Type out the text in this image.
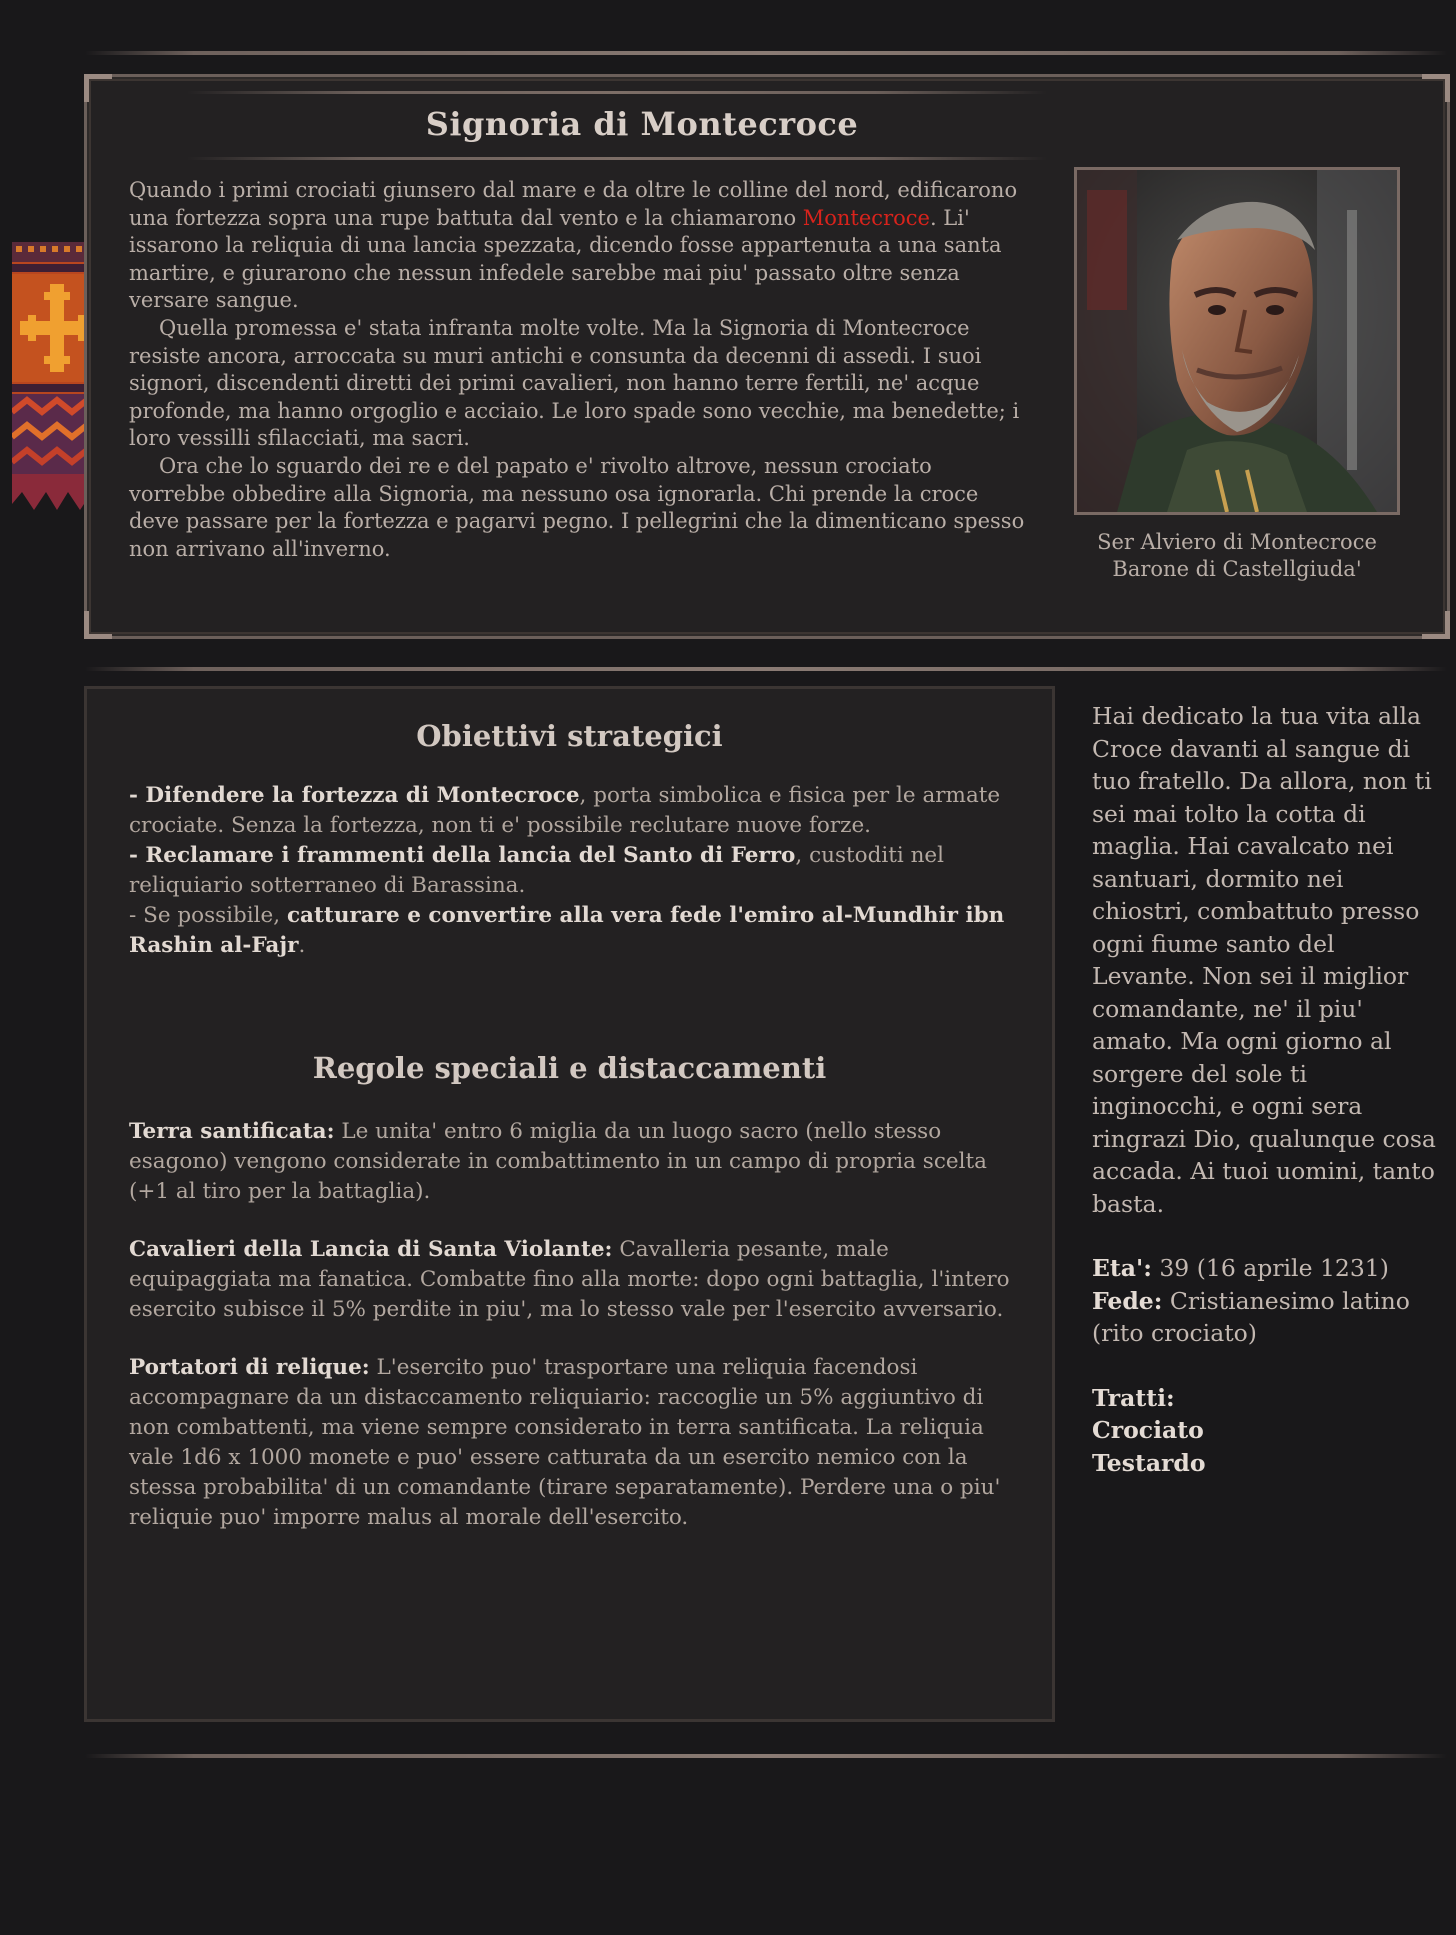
Signoria di Montecroce

Quando i primi crociati giunsero dal mare e da oltre le colline del nord, edificarono una fortezza sopra una rupe battuta dal vento e la chiamarono Montecroce. Li' issarono la reliquia di una lancia spezzata, dicendo fosse appartenuta a una santa martire, e giurarono che nessun infedele sarebbe mai piu' passato oltre senza versare sangue.

Quella promessa e' stata infranta molte volte. Ma la Signoria di Montecroce resiste ancora, arroccata su muri antichi e consunta da decenni di assedi. I suoi signori, discendenti diretti dei primi cavalieri, non hanno terre fertili, ne' acque profonde, ma hanno orgoglio e acciaio. Le loro spade sono vecchie, ma benedette; i loro vessilli sfilacciati, ma sacri.

Ora che lo sguardo dei re e del papato e' rivolto altrove, nessun crociato vorrebbe obbedire alla Signoria, ma nessuno osa ignorarla. Chi prende la croce deve passare per la fortezza e pagarvi pegno. I pellegrini che la dimenticano spesso non arrivano all'inverno.	Ser Alviero di Montecroce
Barone di Castellgiuda'
Obiettivi strategici

- Difendere la fortezza di Montecroce, porta simbolica e fisica per le armate crociate. Senza la fortezza, non ti e' possibile reclutare nuove forze.

- Reclamare i frammenti della lancia del Santo di Ferro, custoditi nel reliquiario sotterraneo di Barassina.

- Se possibile, catturare e convertire alla vera fede l'emiro al-Mundhir ibn Rashin al-Fajr.

Regole speciali e distaccamenti

Terra santificata: Le unita' entro 6 miglia da un luogo sacro (nello stesso esagono) vengono considerate in combattimento in un campo di propria scelta (+1 al tiro per la battaglia).

Cavalieri della Lancia di Santa Violante: Cavalleria pesante, male equipaggiata ma fanatica. Combatte fino alla morte: dopo ogni battaglia, l'intero esercito subisce il 5% perdite in piu', ma lo stesso vale per l'esercito avversario.

Portatori di relique: L'esercito puo' trasportare una reliquia facendosi accompagnare da un distaccamento reliquiario: raccoglie un 5% aggiuntivo di non combattenti, ma viene sempre considerato in terra santificata. La reliquia vale 1d6 x 1000 monete e puo' essere catturata da un esercito nemico con la stessa probabilita' di un comandante (tirare separatamente). Perdere una o piu' reliquie puo' imporre malus al morale dell'esercito.

Hai dedicato la tua vita alla Croce davanti al sangue di tuo fratello. Da allora, non ti sei mai tolto la cotta di maglia. Hai cavalcato nei santuari, dormito nei chiostri, combattuto presso ogni fiume santo del Levante. Non sei il miglior comandante, ne' il piu' amato. Ma ogni giorno al sorgere del sole ti inginocchi, e ogni sera ringrazi Dio, qualunque cosa accada. Ai tuoi uomini, tanto basta.

Eta': 39 (16 aprile 1231)
Fede: Cristianesimo latino (rito crociato)

Tratti:
Crociato
Testardo
